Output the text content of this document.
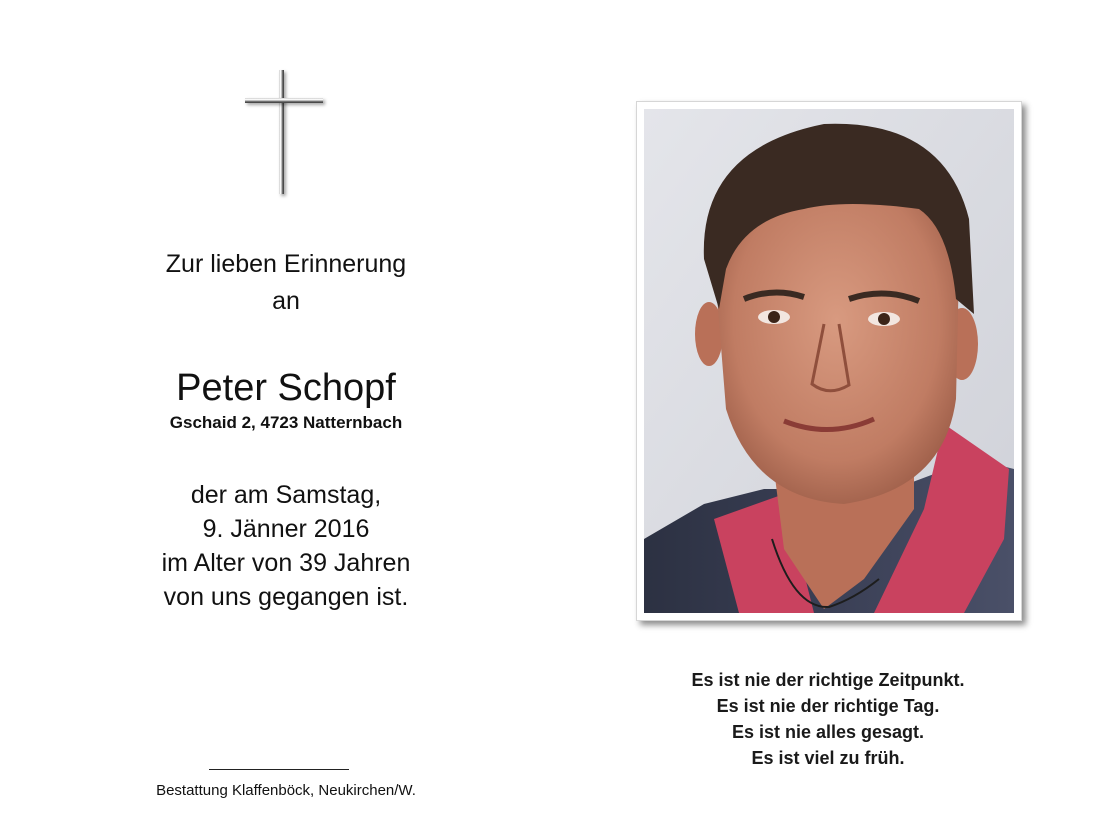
Zur lieben Erinnerung
an
Peter Schopf
Gschaid 2, 4723 Natternbach
der am Samstag,
9. Jänner 2016
im Alter von 39 Jahren
von uns gegangen ist.
Bestattung Klaffenböck, Neukirchen/W.
Es ist nie der richtige Zeitpunkt.
Es ist nie der richtige Tag.
Es ist nie alles gesagt.
Es ist viel zu früh.
